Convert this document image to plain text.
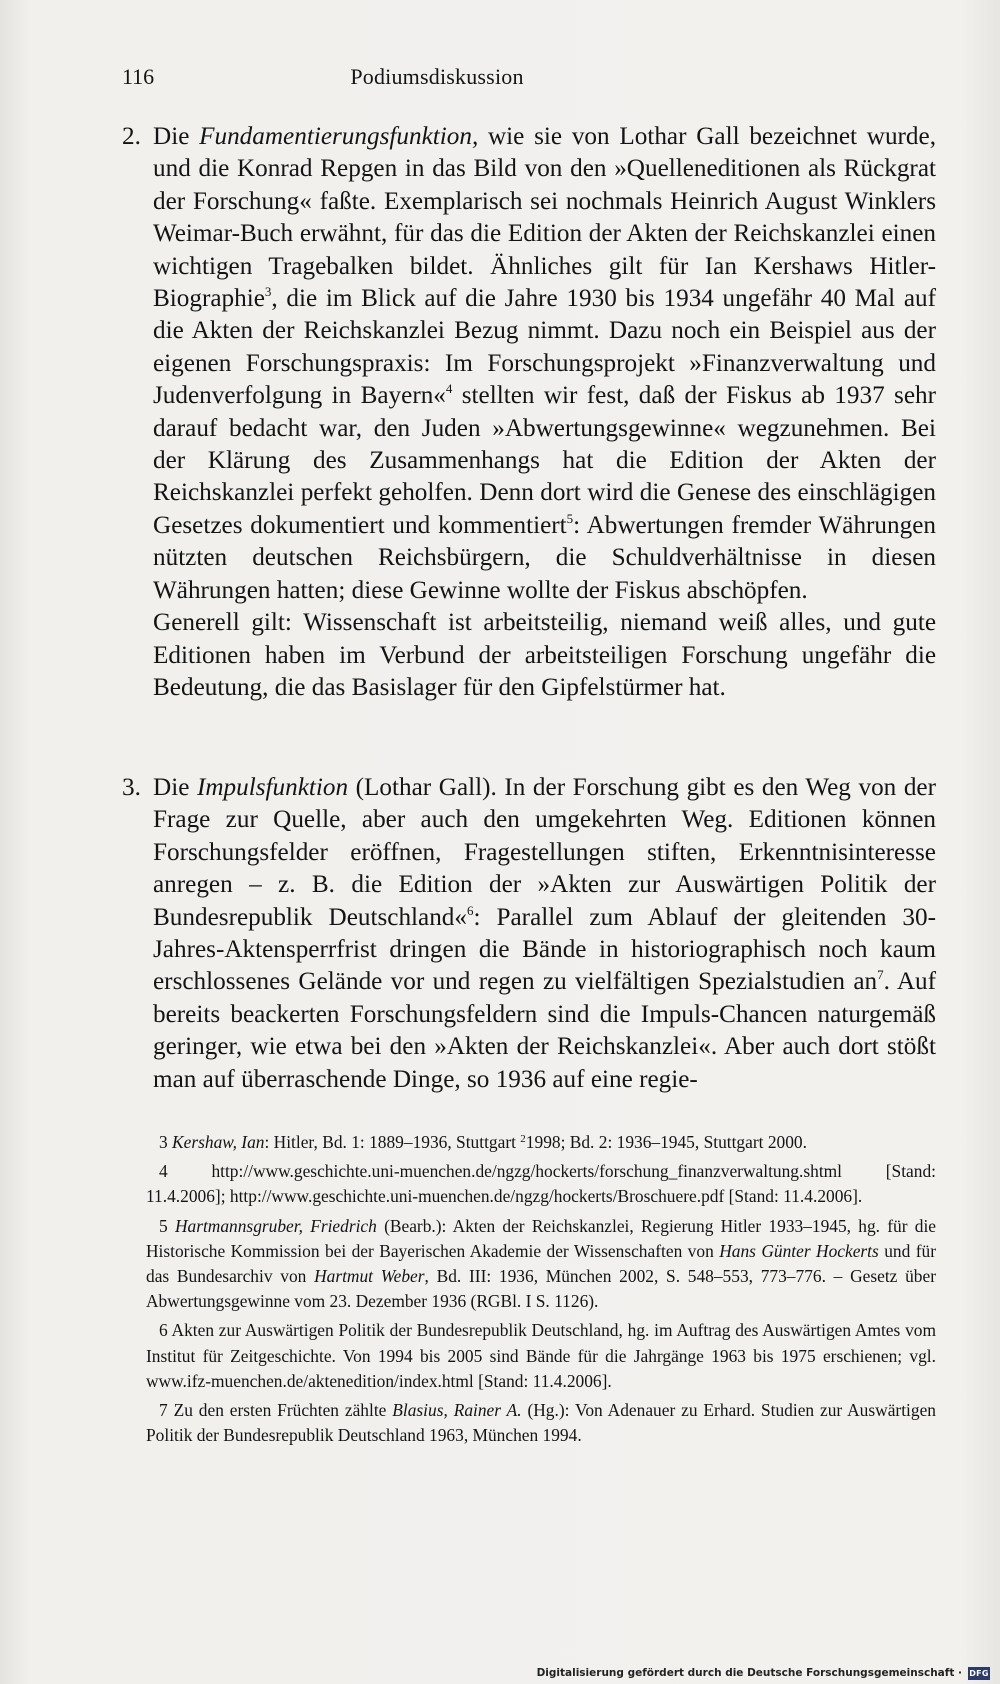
116	Podiumsdiskussion
2. Die Fundamentierungsfunktion, wie sie von Lothar Gall bezeichnet wurde, und die Konrad Repgen in das Bild von den »Quelleneditionen als Rückgrat der Forschung« faßte. Exemplarisch sei nochmals Heinrich August Winklers Weimar-Buch erwähnt, für das die Edition der Akten der Reichskanzlei einen wichtigen Tragebalken bildet. Ähnliches gilt für Ian Kershaws Hitler-Biographie$^3$, die im Blick auf die Jahre 1930 bis 1934 ungefähr 40 Mal auf die Akten der Reichskanzlei Bezug nimmt. Dazu noch ein Beispiel aus der eigenen Forschungspraxis: Im Forschungsprojekt »Finanzverwaltung und Judenverfolgung in Bayern«$^4$ stellten wir fest, daß der Fiskus ab 1937 sehr darauf bedacht war, den Juden »Abwertungsgewinne« wegzunehmen. Bei der Klärung des Zusammenhangs hat die Edition der Akten der Reichskanzlei perfekt geholfen. Denn dort wird die Genese des einschlägigen Gesetzes dokumentiert und kommentiert$^5$: Abwertungen fremder Währungen nützten deutschen Reichsbürgern, die Schuldverhältnisse in diesen Währungen hatten; diese Gewinne wollte der Fiskus abschöpfen.

Generell gilt: Wissenschaft ist arbeitsteilig, niemand weiß alles, und gute Editionen haben im Verbund der arbeitsteiligen Forschung ungefähr die Bedeutung, die das Basislager für den Gipfelstürmer hat.

3. Die Impulsfunktion (Lothar Gall). In der Forschung gibt es den Weg von der Frage zur Quelle, aber auch den umgekehrten Weg. Editionen können Forschungsfelder eröffnen, Fragestellungen stiften, Erkenntnisinteresse anregen – z. B. die Edition der »Akten zur Auswärtigen Politik der Bundesrepublik Deutschland«$^6$: Parallel zum Ablauf der gleitenden 30-Jahres-Aktensperrfrist dringen die Bände in historiographisch noch kaum erschlossenes Gelände vor und regen zu vielfältigen Spezialstudien an$^7$. Auf bereits beackerten Forschungsfeldern sind die Impuls-Chancen naturgemäß geringer, wie etwa bei den »Akten der Reichskanzlei«. Aber auch dort stößt man auf überraschende Dinge, so 1936 auf eine regie-

3 Kershaw, Ian: Hitler, Bd. 1: 1889–1936, Stuttgart $^2$1998; Bd. 2: 1936–1945, Stuttgart 2000.

4 http://www.geschichte.uni-muenchen.de/ngzg/hockerts/forschung_finanzverwaltung.shtml [Stand: 11.4.2006]; http://www.geschichte.uni-muenchen.de/ngzg/hockerts/Broschuere.pdf [Stand: 11.4.2006].

5 Hartmannsgruber, Friedrich (Bearb.): Akten der Reichskanzlei, Regierung Hitler 1933–1945, hg. für die Historische Kommission bei der Bayerischen Akademie der Wissenschaften von Hans Günter Hockerts und für das Bundesarchiv von Hartmut Weber, Bd. III: 1936, München 2002, S. 548–553, 773–776. – Gesetz über Abwertungsgewinne vom 23. Dezember 1936 (RGBl. I S. 1126).

6 Akten zur Auswärtigen Politik der Bundesrepublik Deutschland, hg. im Auftrag des Auswärtigen Amtes vom Institut für Zeitgeschichte. Von 1994 bis 2005 sind Bände für die Jahrgänge 1963 bis 1975 erschienen; vgl. www.ifz-muenchen.de/aktenedition/index.html [Stand: 11.4.2006].

7 Zu den ersten Früchten zählte Blasius, Rainer A. (Hg.): Von Adenauer zu Erhard. Studien zur Auswärtigen Politik der Bundesrepublik Deutschland 1963, München 1994.

Digitalisierung gefördert durch die Deutsche Forschungsgemeinschaft · DFG
